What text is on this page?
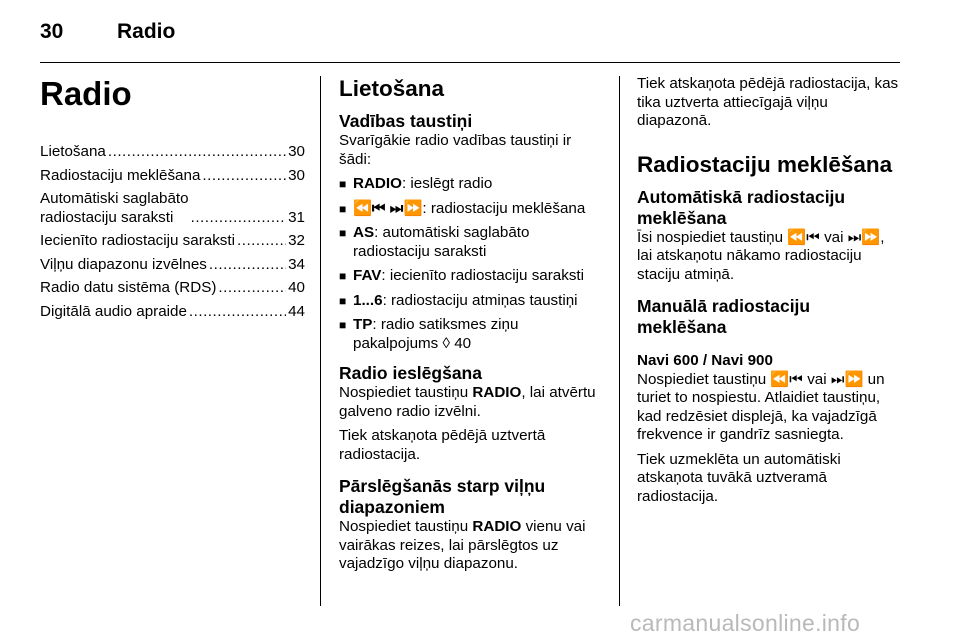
30	Radio
Radio
Lietošana .....	30
Radiostaciju meklēšana .....	30
Automātiski saglabāto
radiostaciju saraksti .....	31
Iecienīto radiostaciju saraksti .....	32
Viļņu diapazonu izvēlnes .....	34
Radio datu sistēma (RDS) .....	40
Digitālā audio apraide .....	44
Lietošana
Vadības taustiņi

Svarīgākie radio vadības taustiņi ir šādi:

■ RADIO: ieslēgt radio
■ ⏪⏮ ⏭⏩: radiostaciju meklēšana
■ AS: automātiski saglabāto radiostaciju saraksti
■ FAV: iecienīto radiostaciju saraksti
■ 1...6: radiostaciju atmiņas taustiņi
■ TP: radio satiksmes ziņu pakalpojums ◊ 40
Radio ieslēgšana

Nospiediet taustiņu RADIO, lai atvērtu galveno radio izvēlni.

Tiek atskaņota pēdējā uztvertā radiostacija.

Pārslēgšanās starp viļņu diapazoniem

Nospiediet taustiņu RADIO vienu vai vairākas reizes, lai pārslēgtos uz vajadzīgo viļņu diapazonu.

Tiek atskaņota pēdējā radiostacija, kas tika uztverta attiecīgajā viļņu diapazonā.

Radiostaciju meklēšana
Automātiskā radiostaciju meklēšana

Īsi nospiediet taustiņu ⏪⏮ vai ⏭⏩, lai atskaņotu nākamo radiostaciju staciju atmiņā.

Manuālā radiostaciju meklēšana
Navi 600 / Navi 900

Nospiediet taustiņu ⏪⏮ vai ⏭⏩ un turiet to nospiestu. Atlaidiet taustiņu, kad redzēsiet displejā, ka vajadzīgā frekvence ir gandrīz sasniegta.

Tiek uzmeklēta un automātiski atskaņota tuvākā uztveramā radiostacija.

carmanualsonline.info
